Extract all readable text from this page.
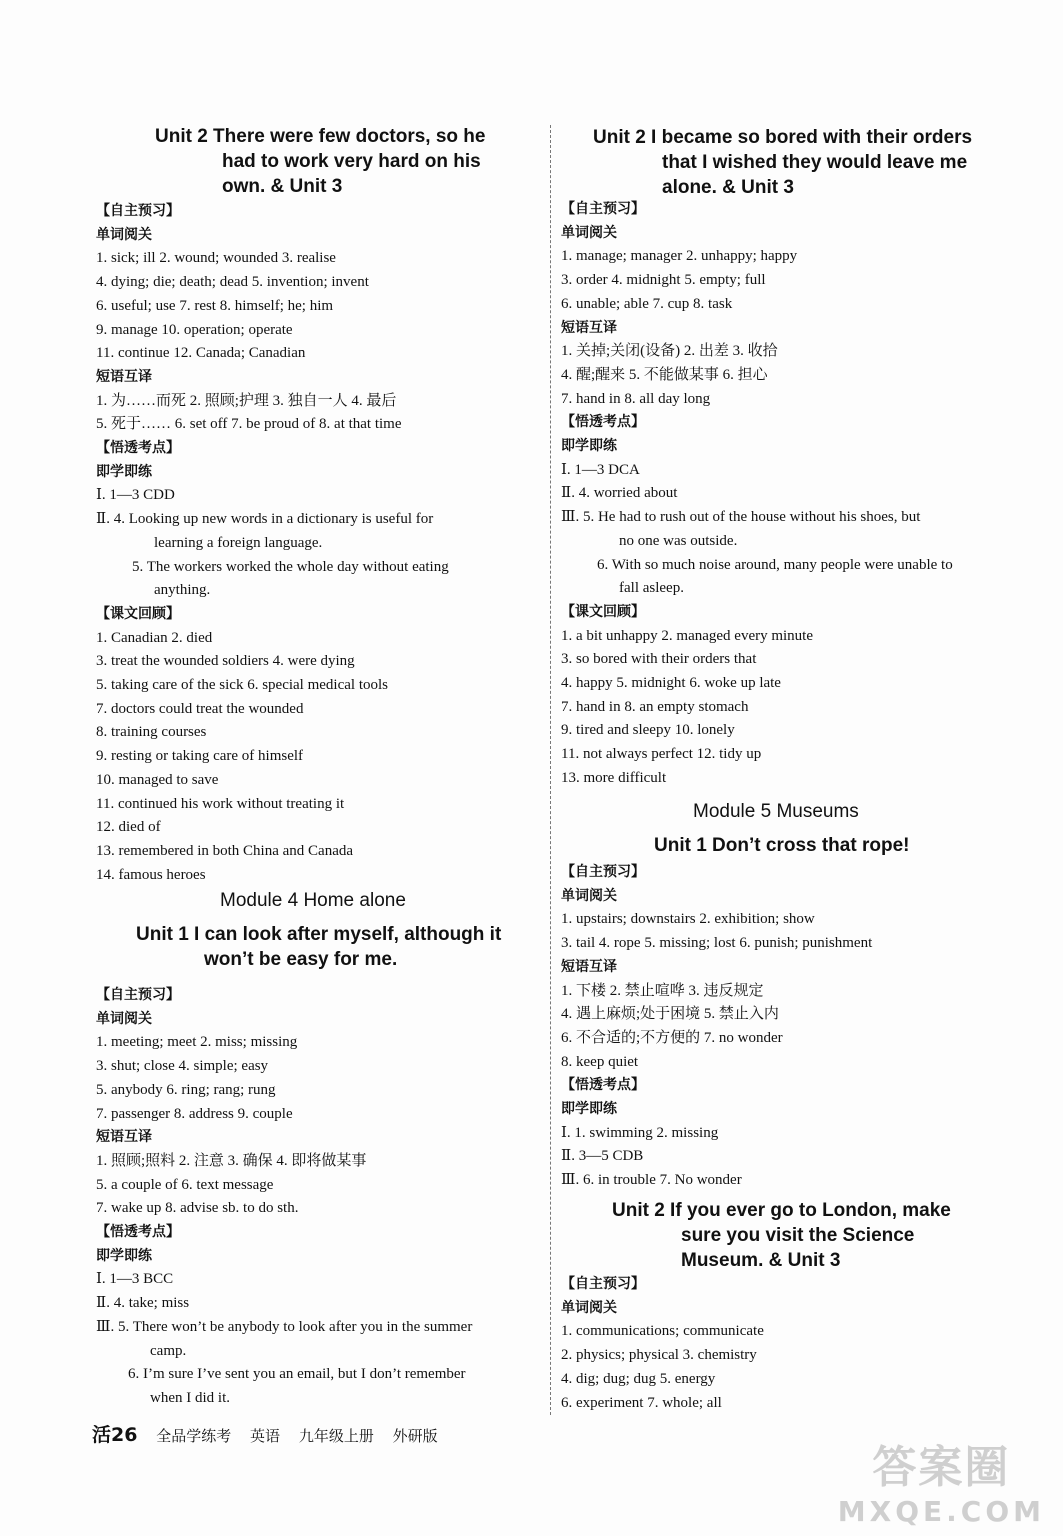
Unit 2 There were few doctors, so he
had to work very hard on his
own. & Unit 3
【自主预习】
单词阅关
1. sick; ill 2. wound; wounded 3. realise
4. dying; die; death; dead 5. invention; invent
6. useful; use 7. rest 8. himself; he; him
9. manage 10. operation; operate
11. continue 12. Canada; Canadian
短语互译
1. 为……而死 2. 照顾;护理 3. 独自一人 4. 最后
5. 死于…… 6. set off 7. be proud of 8. at that time
【悟透考点】
即学即练
Ⅰ. 1—3 CDD
Ⅱ. 4. Looking up new words in a dictionary is useful for
learning a foreign language.
5. The workers worked the whole day without eating
anything.
【课文回顾】
1. Canadian 2. died
3. treat the wounded soldiers 4. were dying
5. taking care of the sick 6. special medical tools
7. doctors could treat the wounded
8. training courses
9. resting or taking care of himself
10. managed to save
11. continued his work without treating it
12. died of
13. remembered in both China and Canada
14. famous heroes
Module 4 Home alone
Unit 1 I can look after myself, although it
won’t be easy for me.
【自主预习】
单词阅关
1. meeting; meet 2. miss; missing
3. shut; close 4. simple; easy
5. anybody 6. ring; rang; rung
7. passenger 8. address 9. couple
短语互译
1. 照顾;照料 2. 注意 3. 确保 4. 即将做某事
5. a couple of 6. text message
7. wake up 8. advise sb. to do sth.
【悟透考点】
即学即练
Ⅰ. 1—3 BCC
Ⅱ. 4. take; miss
Ⅲ. 5. There won’t be anybody to look after you in the summer
camp.
6. I’m sure I’ve sent you an email, but I don’t remember
when I did it.
Unit 2 I became so bored with their orders
that I wished they would leave me
alone. & Unit 3
【自主预习】
单词阅关
1. manage; manager 2. unhappy; happy
3. order 4. midnight 5. empty; full
6. unable; able 7. cup 8. task
短语互译
1. 关掉;关闭(设备) 2. 出差 3. 收拾
4. 醒;醒来 5. 不能做某事 6. 担心
7. hand in 8. all day long
【悟透考点】
即学即练
Ⅰ. 1—3 DCA
Ⅱ. 4. worried about
Ⅲ. 5. He had to rush out of the house without his shoes, but
no one was outside.
6. With so much noise around, many people were unable to
fall asleep.
【课文回顾】
1. a bit unhappy 2. managed every minute
3. so bored with their orders that
4. happy 5. midnight 6. woke up late
7. hand in 8. an empty stomach
9. tired and sleepy 10. lonely
11. not always perfect 12. tidy up
13. more difficult
Module 5 Museums
Unit 1 Don’t cross that rope!
【自主预习】
单词阅关
1. upstairs; downstairs 2. exhibition; show
3. tail 4. rope 5. missing; lost 6. punish; punishment
短语互译
1. 下楼 2. 禁止喧哗 3. 违反规定
4. 遇上麻烦;处于困境 5. 禁止入内
6. 不合适的;不方便的 7. no wonder
8. keep quiet
【悟透考点】
即学即练
Ⅰ. 1. swimming 2. missing
Ⅱ. 3—5 CDB
Ⅲ. 6. in trouble 7. No wonder
Unit 2 If you ever go to London, make
sure you visit the Science
Museum. & Unit 3
【自主预习】
单词阅关
1. communications; communicate
2. physics; physical 3. chemistry
4. dig; dug; dug 5. energy
6. experiment 7. whole; all
活26 全品学练考 英语 九年级上册 外研版
答案圈
MXQE.COM
